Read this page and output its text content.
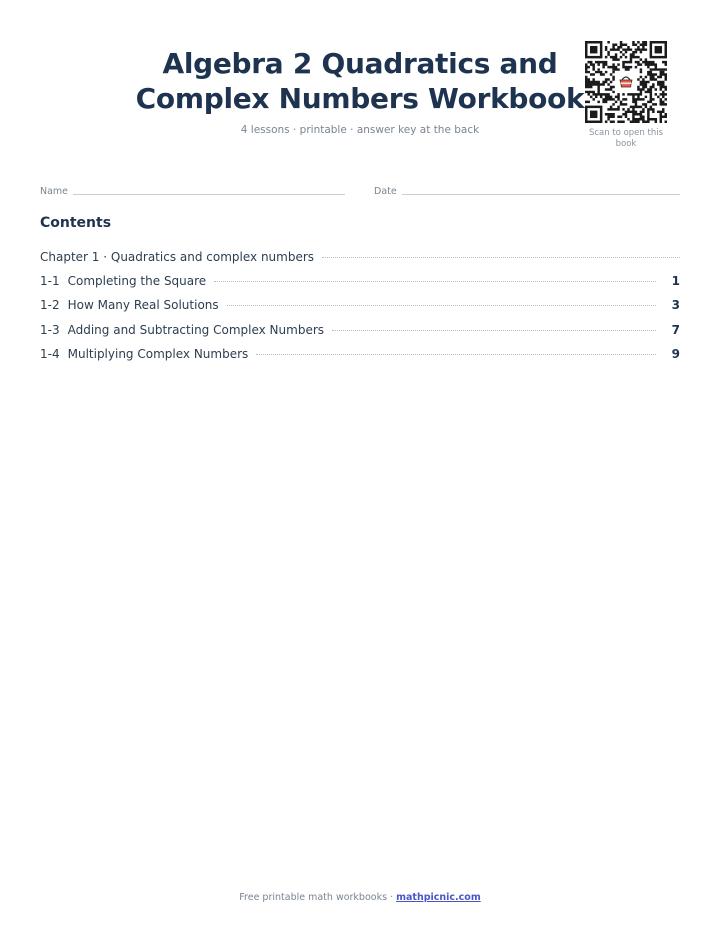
Algebra 2 Quadratics and Complex Numbers Workbook
4 lessons · printable · answer key at the back	Scan to open this book
Name	Date
Contents
Chapter 1 · Quadratics and complex numbers
1-1 Completing the Square	1
1-2 How Many Real Solutions	3
1-3 Adding and Subtracting Complex Numbers	7
1-4 Multiplying Complex Numbers	9
Free printable math workbooks · mathpicnic.com
